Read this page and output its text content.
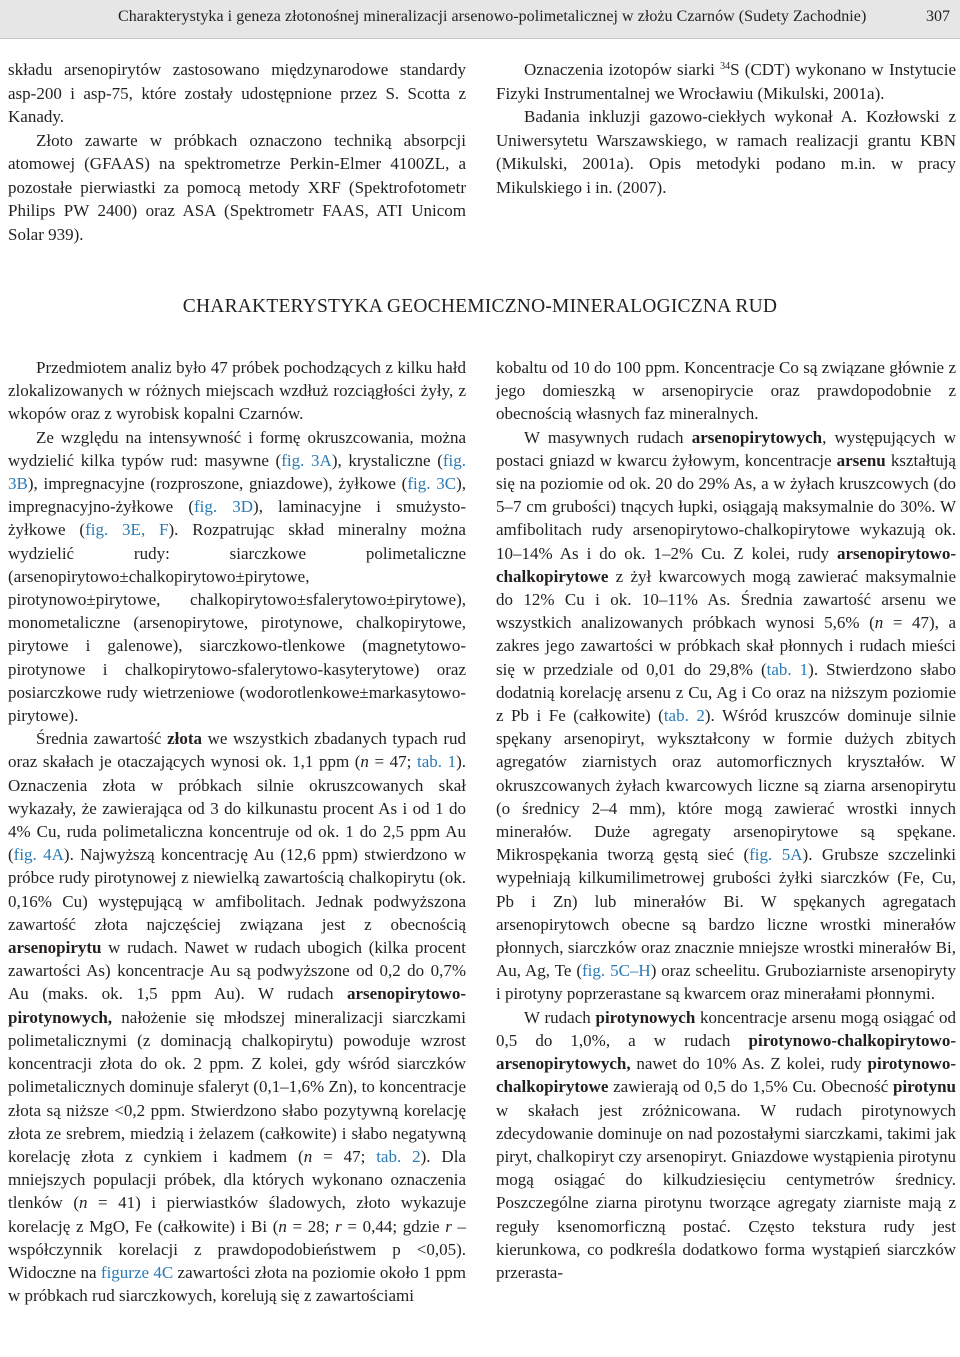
Charakterystyka i geneza złotonośnej mineralizacji arsenowo-polimetalicznej w złożu Czarnów (Sudety Zachodnie)	307

składu arsenopirytów zastosowano międzynarodowe standardy asp-200 i asp-75, które zostały udostępnione przez S. Scotta z Kanady.

Złoto zawarte w próbkach oznaczono techniką absorpcji atomowej (GFAAS) na spektrometrze Perkin-Elmer 4100ZL, a pozostałe pierwiastki za pomocą metody XRF (Spektrofotometr Philips PW 2400) oraz ASA (Spektrometr FAAS, ATI Unicom Solar 939).

Oznaczenia izotopów siarki $^{34}$S (CDT) wykonano w Instytucie Fizyki Instrumentalnej we Wrocławiu (Mikulski, 2001a).

Badania inkluzji gazowo-ciekłych wykonał A. Kozłowski z Uniwersytetu Warszawskiego, w ramach realizacji grantu KBN (Mikulski, 2001a). Opis metodyki podano m.in. w pracy Mikulskiego i in. (2007).

CHARAKTERYSTYKA GEOCHEMICZNO-MINERALOGICZNA RUD

Przedmiotem analiz było 47 próbek pochodzących z kilku hałd zlokalizowanych w różnych miejscach wzdłuż rozciągłości żyły, z wkopów oraz z wyrobisk kopalni Czarnów.

Ze względu na intensywność i formę okruszcowania, można wydzielić kilka typów rud: masywne (fig. 3A), krystaliczne (fig. 3B), impregnacyjne (rozproszone, gniazdowe), żyłkowe (fig. 3C), impregnacyjno-żyłkowe (fig. 3D), laminacyjne i smużysto-żyłkowe (fig. 3E, F). Rozpatrując skład mineralny można wydzielić rudy: siarczkowe polimetaliczne (arsenopirytowo±chalkopirytowo±pirytowe, pirotynowo±pirytowe, chalkopirytowo±sfalerytowo±pirytowe), monometaliczne (arsenopirytowe, pirotynowe, chalkopirytowe, pirytowe i galenowe), siarczkowo-tlenkowe (magnetytowo-pirotynowe i chalkopirytowo-sfalerytowo-kasyterytowe) oraz posiarczkowe rudy wietrzeniowe (wodorotlenkowe±markasytowo-pirytowe).

Średnia zawartość złota we wszystkich zbadanych typach rud oraz skałach je otaczających wynosi ok. 1,1 ppm (n = 47; tab. 1). Oznaczenia złota w próbkach silnie okruszcowanych skał wykazały, że zawierająca od 3 do kilkunastu procent As i od 1 do 4% Cu, ruda polimetaliczna koncentruje od ok. 1 do 2,5 ppm Au (fig. 4A). Najwyższą koncentrację Au (12,6 ppm) stwierdzono w próbce rudy pirotynowej z niewielką zawartością chalkopirytu (ok. 0,16% Cu) występującą w amfibolitach. Jednak podwyższona zawartość złota najczęściej związana jest z obecnością arsenopirytu w rudach. Nawet w rudach ubogich (kilka procent zawartości As) koncentracje Au są podwyższone od 0,2 do 0,7% Au (maks. ok. 1,5 ppm Au). W rudach arsenopirytowo-pirotynowych, nałożenie się młodszej mineralizacji siarczkami polimetalicznymi (z dominacją chalkopirytu) powoduje wzrost koncentracji złota do ok. 2 ppm. Z kolei, gdy wśród siarczków polimetalicznych dominuje sfaleryt (0,1–1,6% Zn), to koncentracje złota są niższe <0,2 ppm. Stwierdzono słabo pozytywną korelację złota ze srebrem, miedzią i żelazem (całkowite) i słabo negatywną korelację złota z cynkiem i kadmem (n = 47; tab. 2). Dla mniejszych populacji próbek, dla których wykonano oznaczenia tlenków (n = 41) i pierwiastków śladowych, złoto wykazuje korelację z MgO, Fe (całkowite) i Bi (n = 28; r = 0,44; gdzie r – współczynnik korelacji z prawdopodobieństwem p <0,05). Widoczne na figurze 4C zawartości złota na poziomie około 1 ppm w próbkach rud siarczkowych, korelują się z zawartościami

kobaltu od 10 do 100 ppm. Koncentracje Co są związane głównie z jego domieszką w arsenopirycie oraz prawdopodobnie z obecnością własnych faz mineralnych.

W masywnych rudach arsenopirytowych, występujących w postaci gniazd w kwarcu żyłowym, koncentracje arsenu kształtują się na poziomie od ok. 20 do 29% As, a w żyłach kruszcowych (do 5–7 cm grubości) tnących łupki, osiągają maksymalnie do 30%. W amfibolitach rudy arsenopirytowo-chalkopirytowe wykazują ok. 10–14% As i do ok. 1–2% Cu. Z kolei, rudy arsenopirytowo-chalkopirytowe z żył kwarcowych mogą zawierać maksymalnie do 12% Cu i ok. 10–11% As. Średnia zawartość arsenu we wszystkich analizowanych próbkach wynosi 5,6% (n = 47), a zakres jego zawartości w próbkach skał płonnych i rudach mieści się w przedziale od 0,01 do 29,8% (tab. 1). Stwierdzono słabo dodatnią korelację arsenu z Cu, Ag i Co oraz na niższym poziomie z Pb i Fe (całkowite) (tab. 2). Wśród kruszców dominuje silnie spękany arsenopiryt, wykształcony w formie dużych zbitych agregatów ziarnistych oraz automorficznych kryształów. W okruszcowanych żyłach kwarcowych liczne są ziarna arsenopirytu (o średnicy 2–4 mm), które mogą zawierać wrostki innych minerałów. Duże agregaty arsenopirytowe są spękane. Mikrospękania tworzą gęstą sieć (fig. 5A). Grubsze szczelinki wypełniają kilkumilimetrowej grubości żyłki siarczków (Fe, Cu, Pb i Zn) lub minerałów Bi. W spękanych agregatach arsenopirytowch obecne są bardzo liczne wrostki minerałów płonnych, siarczków oraz znacznie mniejsze wrostki minerałów Bi, Au, Ag, Te (fig. 5C–H) oraz scheelitu. Gruboziarniste arsenopiryty i pirotyny poprzerastane są kwarcem oraz minerałami płonnymi.

W rudach pirotynowych koncentracje arsenu mogą osiągać od 0,5 do 1,0%, a w rudach pirotynowo-chalkopirytowo-arsenopirytowych, nawet do 10% As. Z kolei, rudy pirotynowo-chalkopirytowe zawierają od 0,5 do 1,5% Cu. Obecność pirotynu w skałach jest zróżnicowana. W rudach pirotynowych zdecydowanie dominuje on nad pozostałymi siarczkami, takimi jak piryt, chalkopiryt czy arsenopiryt. Gniazdowe wystąpienia pirotynu mogą osiągać do kilkudziesięciu centymetrów średnicy. Poszczególne ziarna pirotynu tworzące agregaty ziarniste mają z reguły ksenomorficzną postać. Często tekstura rudy jest kierunkowa, co podkreśla dodatkowo forma wystąpień siarczków przerasta-
